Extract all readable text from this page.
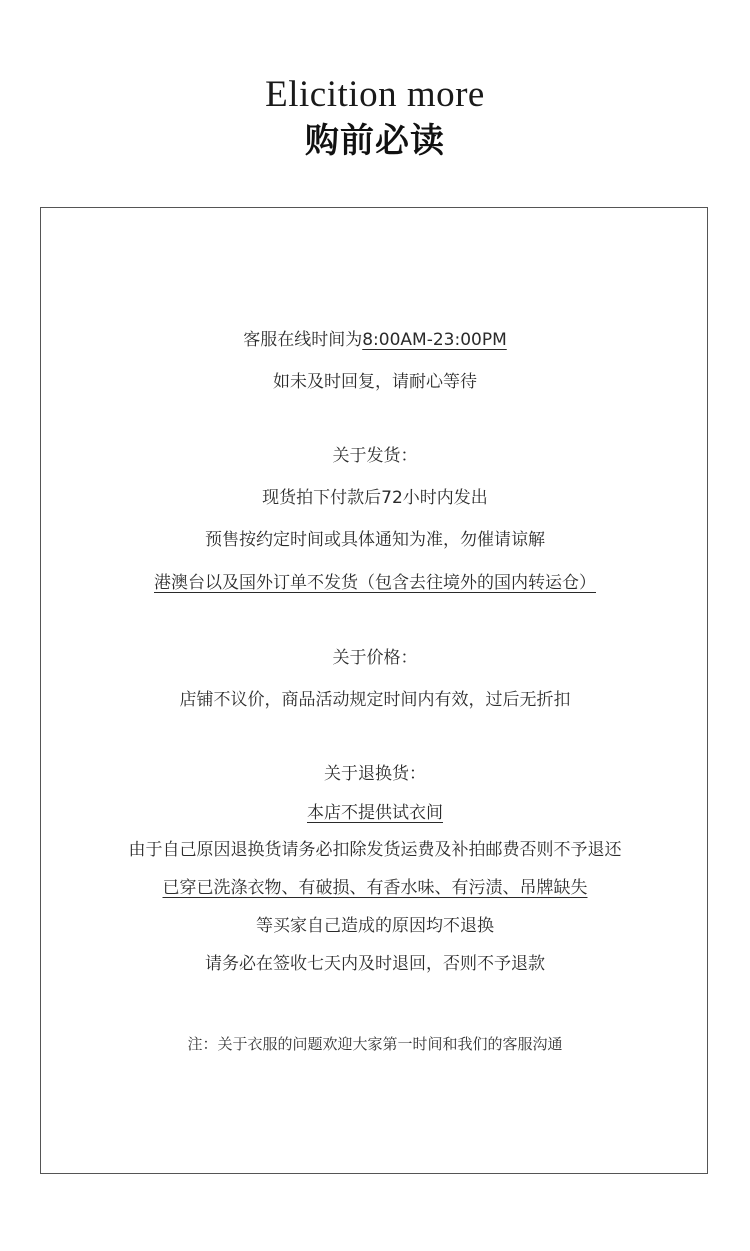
Elicition more
购前必读
客服在线时间为8:00AM-23:00PM
如未及时回复，请耐心等待
关于发货：
现货拍下付款后72小时内发出
预售按约定时间或具体通知为准，勿催请谅解
港澳台以及国外订单不发货（包含去往境外的国内转运仓）
关于价格：
店铺不议价，商品活动规定时间内有效，过后无折扣
关于退换货：
本店不提供试衣间
由于自己原因退换货请务必扣除发货运费及补拍邮费否则不予退还
已穿已洗涤衣物、有破损、有香水味、有污渍、吊牌缺失
等买家自己造成的原因均不退换
请务必在签收七天内及时退回，否则不予退款
注：关于衣服的问题欢迎大家第一时间和我们的客服沟通
